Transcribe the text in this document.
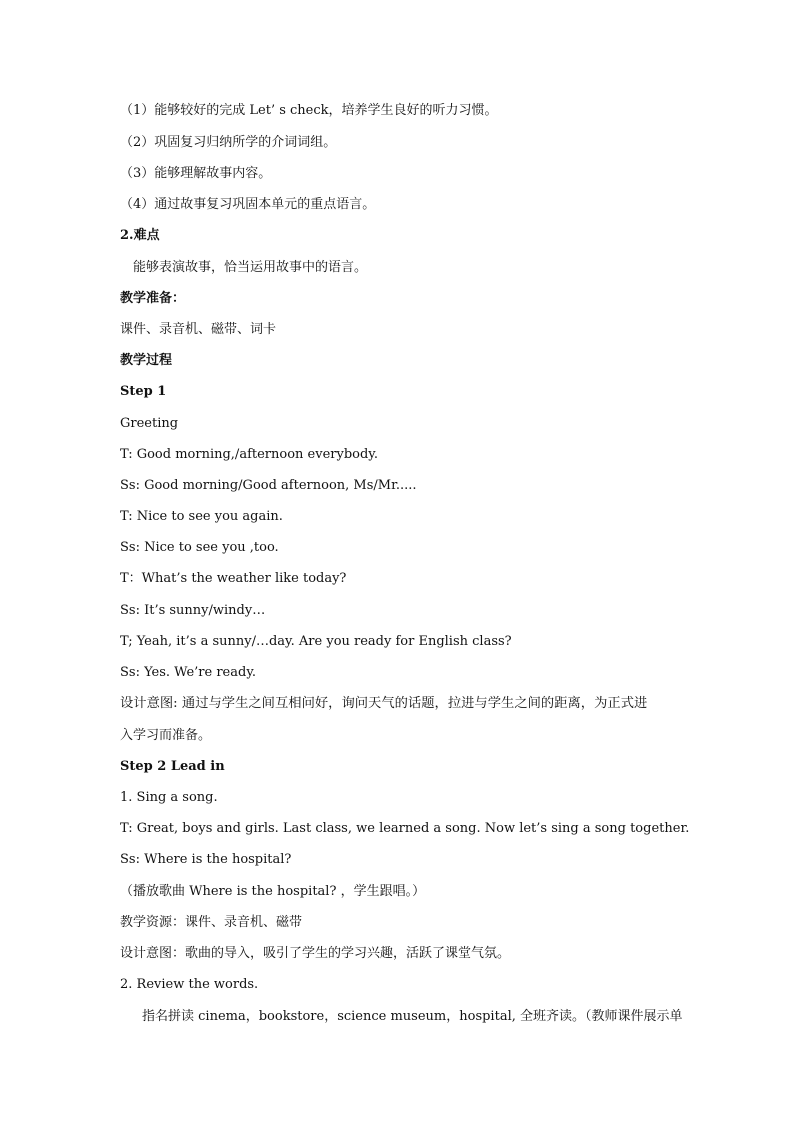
（1）能够较好的完成 Let’ s check，培养学生良好的听力习惯。
（2）巩固复习归纳所学的介词词组。
（3）能够理解故事内容。
（4）通过故事复习巩固本单元的重点语言。
2.难点
能够表演故事，恰当运用故事中的语言。
教学准备：
课件、录音机、磁带、词卡
教学过程
Step 1
Greeting
T: Good morning,/afternoon everybody.
Ss: Good morning/Good afternoon, Ms/Mr.....
T: Nice to see you again.
Ss: Nice to see you ,too.
T：What’s the weather like today?
Ss: It’s sunny/windy…
T; Yeah, it’s a sunny/…day. Are you ready for English class?
Ss: Yes. We’re ready.
设计意图: 通过与学生之间互相问好，询问天气的话题，拉进与学生之间的距离，为正式进
入学习而准备。
Step 2 Lead in
1. Sing a song.
T: Great, boys and girls. Last class, we learned a song. Now let’s sing a song together.
Ss: Where is the hospital?
（播放歌曲 Where is the hospital? ，学生跟唱。）
教学资源：课件、录音机、磁带
设计意图：歌曲的导入，吸引了学生的学习兴趣，活跃了课堂气氛。
2. Review the words.
指名拼读 cinema，bookstore，science museum，hospital, 全班齐读。（教师课件展示单
